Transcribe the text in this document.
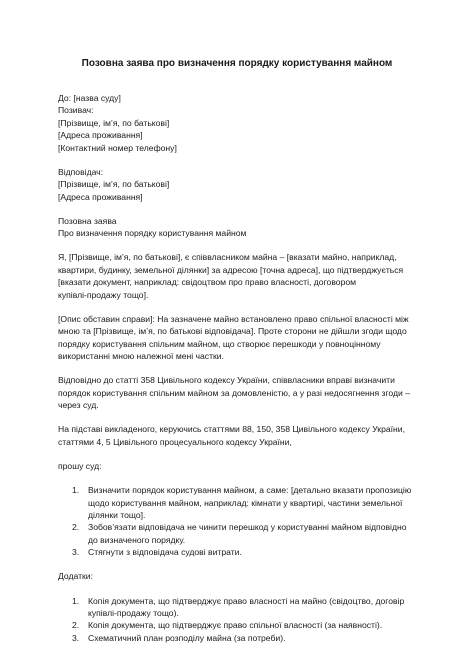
Позовна заява про визначення порядку користування майном
До: [назва суду]
Позивач:
[Прізвище, ім’я, по батькові]
[Адреса проживання]
[Контактний номер телефону]
Відповідач:
[Прізвище, ім’я, по батькові]
[Адреса проживання]
Позовна заява
Про визначення порядку користування майном
Я, [Прізвище, ім’я, по батькові], є співвласником майна – [вказати майно, наприклад,
квартири, будинку, земельної ділянки] за адресою [точна адреса], що підтверджується
[вказати документ, наприклад: свідоцтвом про право власності, договором
купівлі-продажу тощо].
[Опис обставин справи]: На зазначене майно встановлено право спільної власності між
мною та [Прізвище, ім’я, по батькові відповідача]. Проте сторони не дійшли згоди щодо
порядку користування спільним майном, що створює перешкоди у повноцінному
використанні мною належної мені частки.
Відповідно до статті 358 Цивільного кодексу України, співвласники вправі визначити
порядок користування спільним майном за домовленістю, а у разі недосягнення згоди –
через суд.
На підставі викладеного, керуючись статтями 88, 150, 358 Цивільного кодексу України,
статтями 4, 5 Цивільного процесуального кодексу України,
прошу суд:
1. Визначити порядок користування майном, а саме: [детально вказати пропозицію
щодо користування майном, наприклад: кімнати у квартирі, частини земельної
ділянки тощо].
2. Зобов’язати відповідача не чинити перешкод у користуванні майном відповідно
до визначеного порядку.
3. Стягнути з відповідача судові витрати.
Додатки:
1. Копія документа, що підтверджує право власності на майно (свідоцтво, договір
купівлі-продажу тощо).
2. Копія документа, що підтверджує право спільної власності (за наявності).
3. Схематичний план розподілу майна (за потреби).
